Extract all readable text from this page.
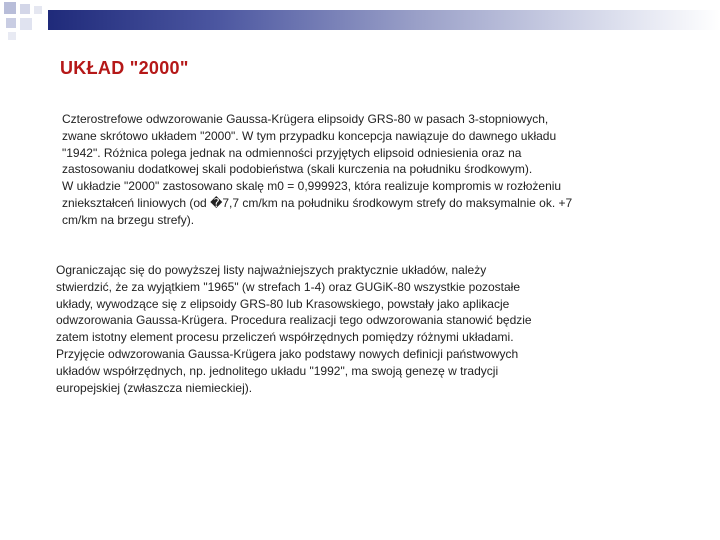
UKŁAD "2000"

Czterostrefowe odwzorowanie Gaussa-Krügera elipsoidy GRS-80 w pasach 3-stopniowych,
zwane skrótowo układem "2000". W tym przypadku koncepcja nawiązuje do dawnego układu
"1942". Różnica polega jednak na odmienności przyjętych elipsoid odniesienia oraz na
zastosowaniu dodatkowej skali podobieństwa (skali kurczenia na południku środkowym).
W układzie "2000" zastosowano skalę m0 = 0,999923, która realizuje kompromis w rozłożeniu
zniekształceń liniowych (od �7,7 cm/km na południku środkowym strefy do maksymalnie ok. +7
cm/km na brzegu strefy).

Ograniczając się do powyższej listy najważniejszych praktycznie układów, należy
stwierdzić, że za wyjątkiem "1965" (w strefach 1-4) oraz GUGiK-80 wszystkie pozostałe
układy, wywodzące się z elipsoidy GRS-80 lub Krasowskiego, powstały jako aplikacje
odwzorowania Gaussa-Krügera. Procedura realizacji tego odwzorowania stanowić będzie
zatem istotny element procesu przeliczeń współrzędnych pomiędzy różnymi układami.
Przyjęcie odwzorowania Gaussa-Krügera jako podstawy nowych definicji państwowych
układów współrzędnych, np. jednolitego układu "1992", ma swoją genezę w tradycji
europejskiej (zwłaszcza niemieckiej).
